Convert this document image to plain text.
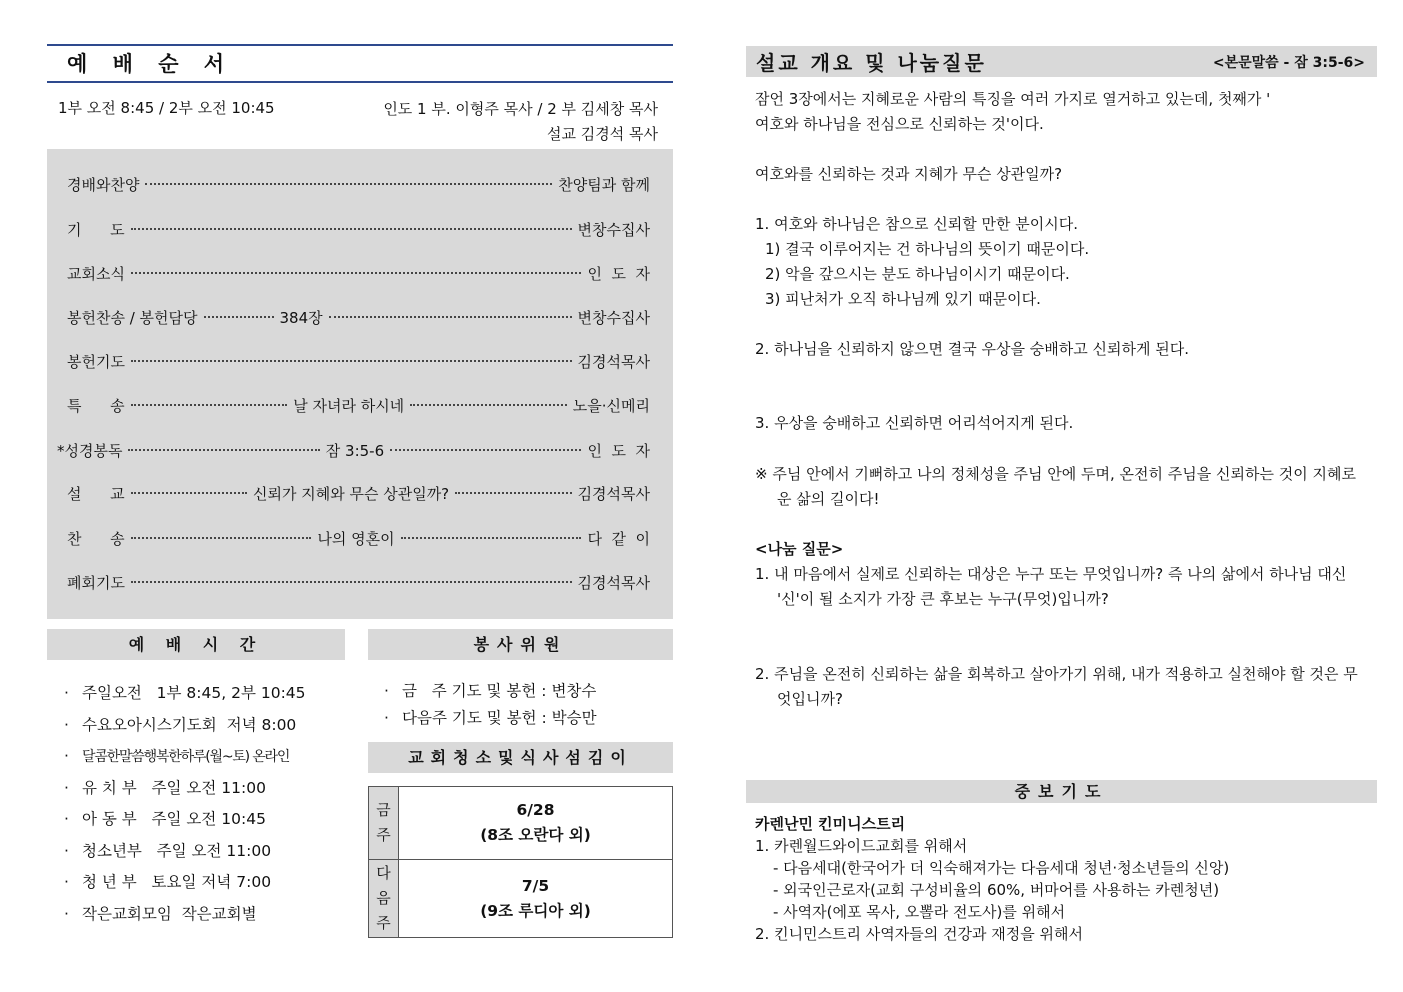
예 배 순 서
1부 오전 8:45 / 2부 오전 10:45	인도 1 부. 이형주 목사 / 2 부 김세창 목사
설교 김경석 목사
경배와찬양	찬양팀과 함께
기      도	변창수집사
교회소식	인  도  자
봉헌찬송 / 봉헌담당	384장	변창수집사
봉헌기도	김경석목사
특      송	날 자녀라 하시네	노을·신메리
*성경봉독	잠 3:5-6	인  도  자
설      교	신뢰가 지혜와 무슨 상관일까?	김경석목사
찬      송	나의 영혼이	다  같  이
폐회기도	김경석목사
예 배 시 간
· 주일오전   1부 8:45, 2부 10:45
· 수요오아시스기도회  저녁 8:00
· 달콤한말씀행복한하루(월~토) 온라인
· 유 치 부   주일 오전 11:00
· 아 동 부   주일 오전 10:45
· 청소년부   주일 오전 11:00
· 청 년 부   토요일 저녁 7:00
· 작은교회모임  작은교회별
봉사위원
· 금   주 기도 및 봉헌 : 변창수
· 다음주 기도 및 봉헌 : 박승만
교회청소및식사섬김이
금주	6/28
(8조 오란다 외)

다음주	7/5
(9조 루디아 외)
설교 개요 및 나눔질문	<본문말씀 - 잠 3:5-6>
잠언 3장에서는 지혜로운 사람의 특징을 여러 가지로 열거하고 있는데, 첫째가 '
여호와 하나님을 전심으로 신뢰하는 것'이다.
여호와를 신뢰하는 것과 지혜가 무슨 상관일까?
1. 여호와 하나님은 참으로 신뢰할 만한 분이시다.
1) 결국 이루어지는 건 하나님의 뜻이기 때문이다.
2) 악을 갚으시는 분도 하나님이시기 때문이다.
3) 피난처가 오직 하나님께 있기 때문이다.
2. 하나님을 신뢰하지 않으면 결국 우상을 숭배하고 신뢰하게 된다.
3. 우상을 숭배하고 신뢰하면 어리석어지게 된다.
※ 주님 안에서 기뻐하고 나의 정체성을 주님 안에 두며, 온전히 주님을 신뢰하는 것이 지혜로운 삶의 길이다!
<나눔 질문>
1. 내 마음에서 실제로 신뢰하는 대상은 누구 또는 무엇입니까? 즉 나의 삶에서 하나님 대신 '신'이 될 소지가 가장 큰 후보는 누구(무엇)입니까?
2. 주님을 온전히 신뢰하는 삶을 회복하고 살아가기 위해, 내가 적용하고 실천해야 할 것은 무엇입니까?
중보기도
카렌난민 킨미니스트리
1. 카렌월드와이드교회를 위해서
- 다음세대(한국어가 더 익숙해져가는 다음세대 청년·청소년들의 신앙)
- 외국인근로자(교회 구성비율의 60%, 버마어를 사용하는 카렌청년)
- 사역자(에포 목사, 오뽈라 전도사)를 위해서
2. 킨니민스트리 사역자들의 건강과 재정을 위해서
